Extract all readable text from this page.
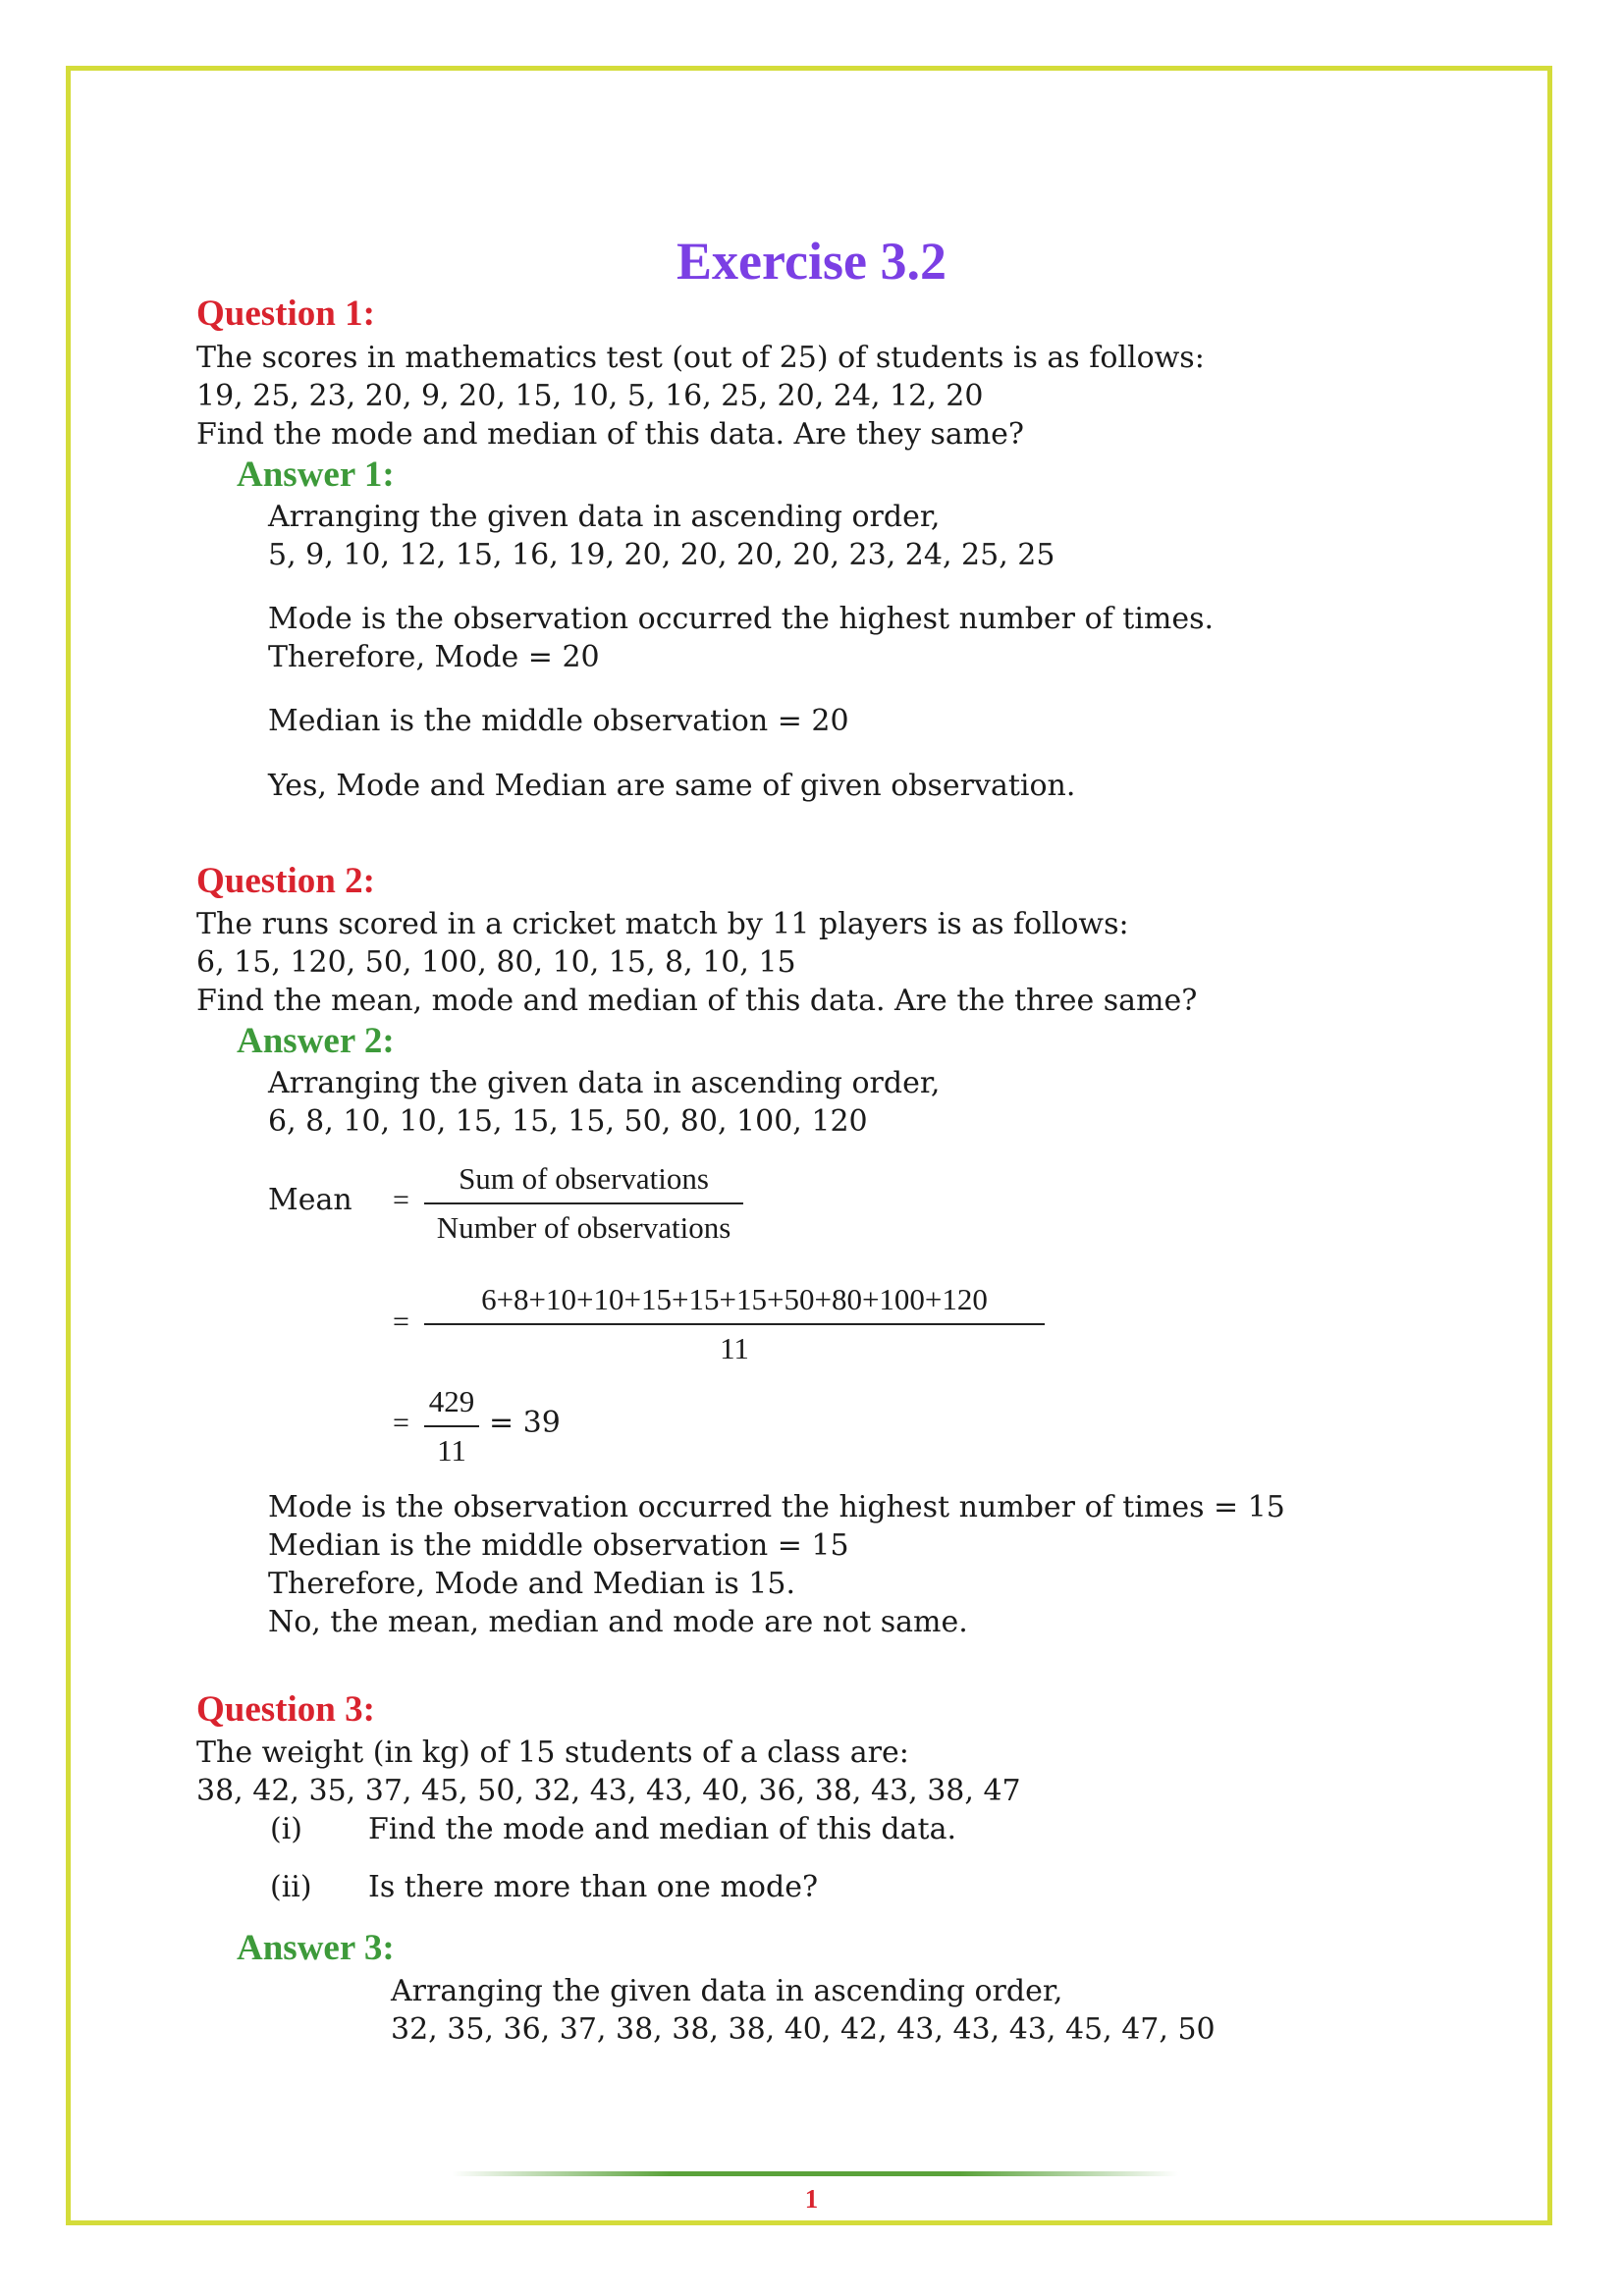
Exercise 3.2
Question 1:
The scores in mathematics test (out of 25) of students is as follows:
19, 25, 23, 20, 9, 20, 15, 10, 5, 16, 25, 20, 24, 12, 20
Find the mode and median of this data. Are they same?
Answer 1:
Arranging the given data in ascending order,
5, 9, 10, 12, 15, 16, 19, 20, 20, 20, 20, 23, 24, 25, 25
Mode is the observation occurred the highest number of times.
Therefore, Mode = 20
Median is the middle observation = 20
Yes, Mode and Median are same of given observation.
Question 2:
The runs scored in a cricket match by 11 players is as follows:
6, 15, 120, 50, 100, 80, 10, 15, 8, 10, 15
Find the mean, mode and median of this data. Are the three same?
Answer 2:
Arranging the given data in ascending order,
6, 8, 10, 10, 15, 15, 15, 50, 80, 100, 120
Mean =
Sum of observations
Number of observations
= $\frac{6+8+10+10+15+15+15+50+80+100+120}{11}$
= $\frac{429}{11} = 39$
Mode is the observation occurred the highest number of times = 15
Median is the middle observation = 15
Therefore, Mode and Median is 15.
No, the mean, median and mode are not same.
Question 3:
The weight (in kg) of 15 students of a class are:
38, 42, 35, 37, 45, 50, 32, 43, 43, 40, 36, 38, 43, 38, 47
(i) Find the mode and median of this data.
(ii) Is there more than one mode?
Answer 3:
Arranging the given data in ascending order,
32, 35, 36, 37, 38, 38, 38, 40, 42, 43, 43, 43, 45, 47, 50
1
